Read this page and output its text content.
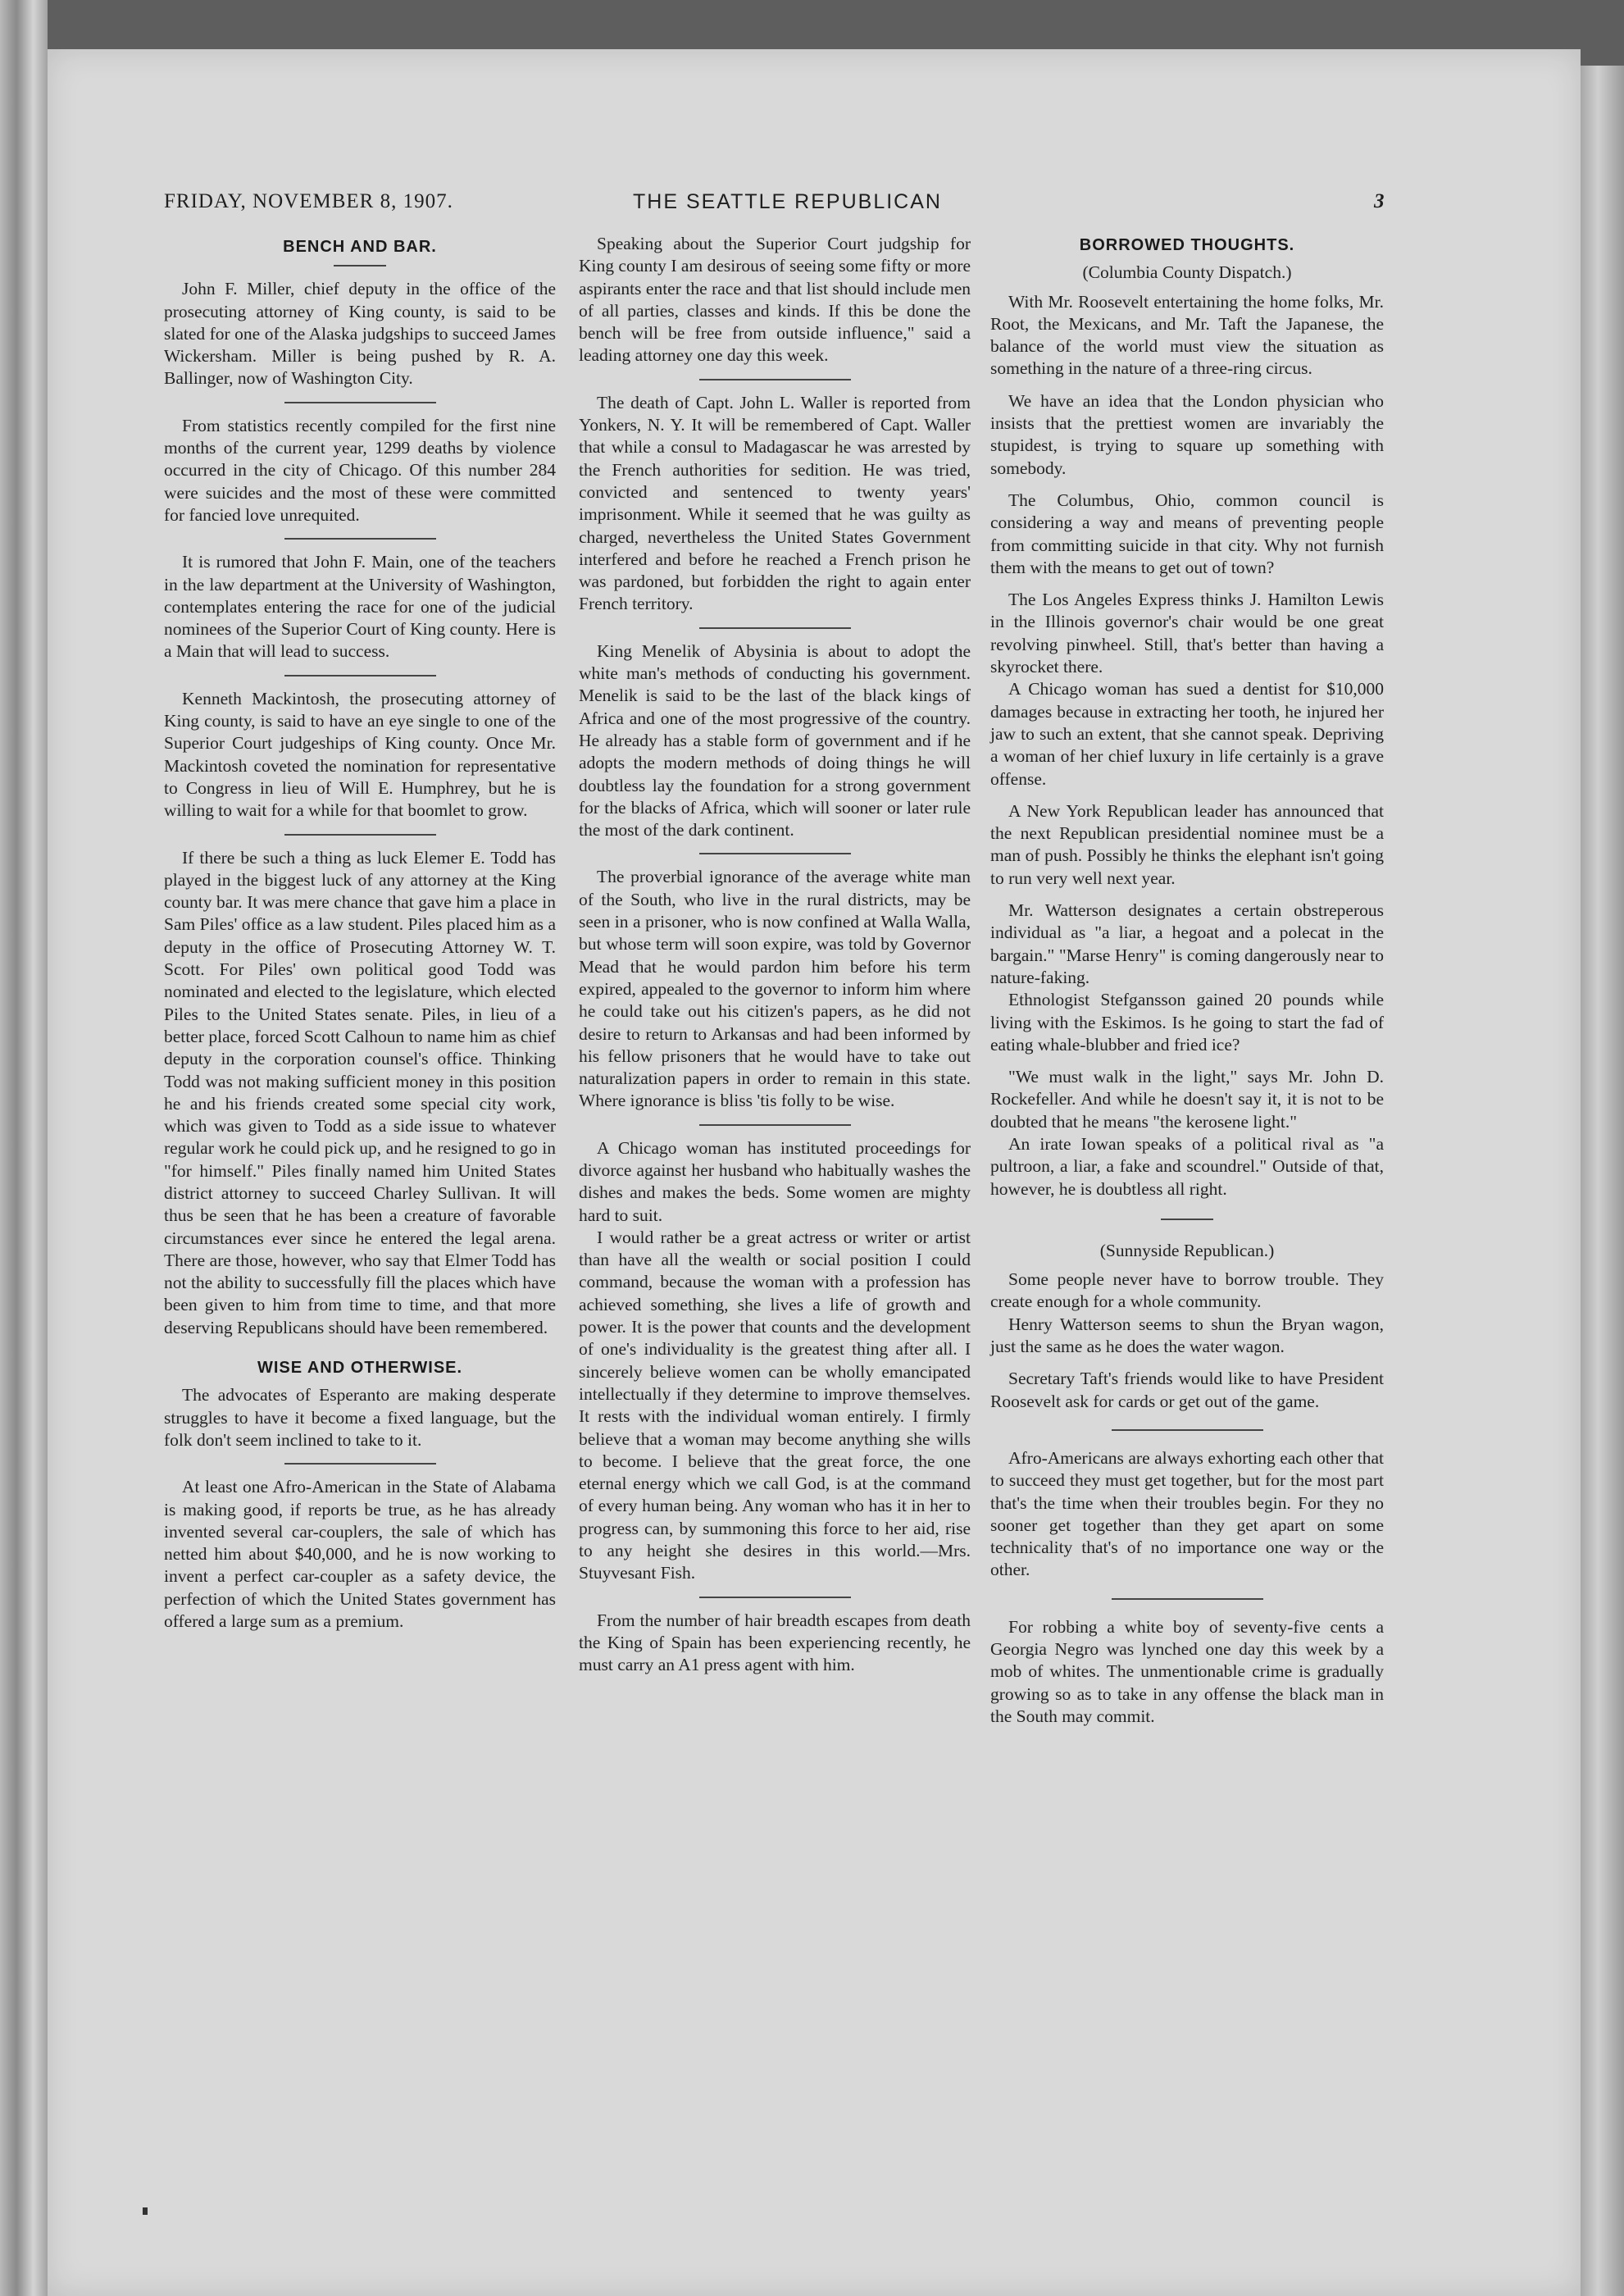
FRIDAY, NOVEMBER 8, 1907.	THE SEATTLE REPUBLICAN	3
BENCH AND BAR.

John F. Miller, chief deputy in the office of the prosecuting attorney of King county, is said to be slated for one of the Alaska judgships to succeed James Wickersham. Miller is being pushed by R. A. Ballinger, now of Washington City.

From statistics recently compiled for the first nine months of the current year, 1299 deaths by violence occurred in the city of Chicago. Of this number 284 were suicides and the most of these were committed for fancied love unrequited.

It is rumored that John F. Main, one of the teachers in the law department at the University of Washington, contemplates entering the race for one of the judicial nominees of the Superior Court of King county. Here is a Main that will lead to success.

Kenneth Mackintosh, the prosecuting attorney of King county, is said to have an eye single to one of the Superior Court judgeships of King county. Once Mr. Mackintosh coveted the nomination for representative to Congress in lieu of Will E. Humphrey, but he is willing to wait for a while for that boomlet to grow.

If there be such a thing as luck Elemer E. Todd has played in the biggest luck of any attorney at the King county bar. It was mere chance that gave him a place in Sam Piles' office as a law student. Piles placed him as a deputy in the office of Prosecuting Attorney W. T. Scott. For Piles' own political good Todd was nominated and elected to the legislature, which elected Piles to the United States senate. Piles, in lieu of a better place, forced Scott Calhoun to name him as chief deputy in the corporation counsel's office. Thinking Todd was not making sufficient money in this position he and his friends created some special city work, which was given to Todd as a side issue to whatever regular work he could pick up, and he resigned to go in "for himself." Piles finally named him United States district attorney to succeed Charley Sullivan. It will thus be seen that he has been a creature of favorable circumstances ever since he entered the legal arena. There are those, however, who say that Elmer Todd has not the ability to successfully fill the places which have been given to him from time to time, and that more deserving Republicans should have been remembered.

WISE AND OTHERWISE.

The advocates of Esperanto are making desperate struggles to have it become a fixed language, but the folk don't seem inclined to take to it.

At least one Afro-American in the State of Alabama is making good, if reports be true, as he has already invented several car-couplers, the sale of which has netted him about $40,000, and he is now working to invent a perfect car-coupler as a safety device, the perfection of which the United States government has offered a large sum as a premium.

Speaking about the Superior Court judgship for King county I am desirous of seeing some fifty or more aspirants enter the race and that list should include men of all parties, classes and kinds. If this be done the bench will be free from outside influence," said a leading attorney one day this week.

The death of Capt. John L. Waller is reported from Yonkers, N. Y. It will be remembered of Capt. Waller that while a consul to Madagascar he was arrested by the French authorities for sedition. He was tried, convicted and sentenced to twenty years' imprisonment. While it seemed that he was guilty as charged, nevertheless the United States Government interfered and before he reached a French prison he was pardoned, but forbidden the right to again enter French territory.

King Menelik of Abysinia is about to adopt the white man's methods of conducting his government. Menelik is said to be the last of the black kings of Africa and one of the most progressive of the country. He already has a stable form of government and if he adopts the modern methods of doing things he will doubtless lay the foundation for a strong government for the blacks of Africa, which will sooner or later rule the most of the dark continent.

The proverbial ignorance of the average white man of the South, who live in the rural districts, may be seen in a prisoner, who is now confined at Walla Walla, but whose term will soon expire, was told by Governor Mead that he would pardon him before his term expired, appealed to the governor to inform him where he could take out his citizen's papers, as he did not desire to return to Arkansas and had been informed by his fellow prisoners that he would have to take out naturalization papers in order to remain in this state. Where ignorance is bliss 'tis folly to be wise.

A Chicago woman has instituted proceedings for divorce against her husband who habitually washes the dishes and makes the beds. Some women are mighty hard to suit.

I would rather be a great actress or writer or artist than have all the wealth or social position I could command, because the woman with a profession has achieved something, she lives a life of growth and power. It is the power that counts and the development of one's individuality is the greatest thing after all. I sincerely believe women can be wholly emancipated intellectually if they determine to improve themselves. It rests with the individual woman entirely. I firmly believe that a woman may become anything she wills to become. I believe that the great force, the one eternal energy which we call God, is at the command of every human being. Any woman who has it in her to progress can, by summoning this force to her aid, rise to any height she desires in this world.—Mrs. Stuyvesant Fish.

From the number of hair breadth escapes from death the King of Spain has been experiencing recently, he must carry an A1 press agent with him.

BORROWED THOUGHTS.
(Columbia County Dispatch.)

With Mr. Roosevelt entertaining the home folks, Mr. Root, the Mexicans, and Mr. Taft the Japanese, the balance of the world must view the situation as something in the nature of a three-ring circus.

We have an idea that the London physician who insists that the prettiest women are invariably the stupidest, is trying to square up something with somebody.

The Columbus, Ohio, common council is considering a way and means of preventing people from committing suicide in that city. Why not furnish them with the means to get out of town?

The Los Angeles Express thinks J. Hamilton Lewis in the Illinois governor's chair would be one great revolving pinwheel. Still, that's better than having a skyrocket there.

A Chicago woman has sued a dentist for $10,000 damages because in extracting her tooth, he injured her jaw to such an extent, that she cannot speak. Depriving a woman of her chief luxury in life certainly is a grave offense.

A New York Republican leader has announced that the next Republican presidential nominee must be a man of push. Possibly he thinks the elephant isn't going to run very well next year.

Mr. Watterson designates a certain obstreperous individual as "a liar, a hegoat and a polecat in the bargain." "Marse Henry" is coming dangerously near to nature-faking.

Ethnologist Stefgansson gained 20 pounds while living with the Eskimos. Is he going to start the fad of eating whale-blubber and fried ice?

"We must walk in the light," says Mr. John D. Rockefeller. And while he doesn't say it, it is not to be doubted that he means "the kerosene light."

An irate Iowan speaks of a political rival as "a pultroon, a liar, a fake and scoundrel." Outside of that, however, he is doubtless all right.

(Sunnyside Republican.)

Some people never have to borrow trouble. They create enough for a whole community.

Henry Watterson seems to shun the Bryan wagon, just the same as he does the water wagon.

Secretary Taft's friends would like to have President Roosevelt ask for cards or get out of the game.

Afro-Americans are always exhorting each other that to succeed they must get together, but for the most part that's the time when their troubles begin. For they no sooner get together than they get apart on some technicality that's of no importance one way or the other.

For robbing a white boy of seventy-five cents a Georgia Negro was lynched one day this week by a mob of whites. The unmentionable crime is gradually growing so as to take in any offense the black man in the South may commit.
